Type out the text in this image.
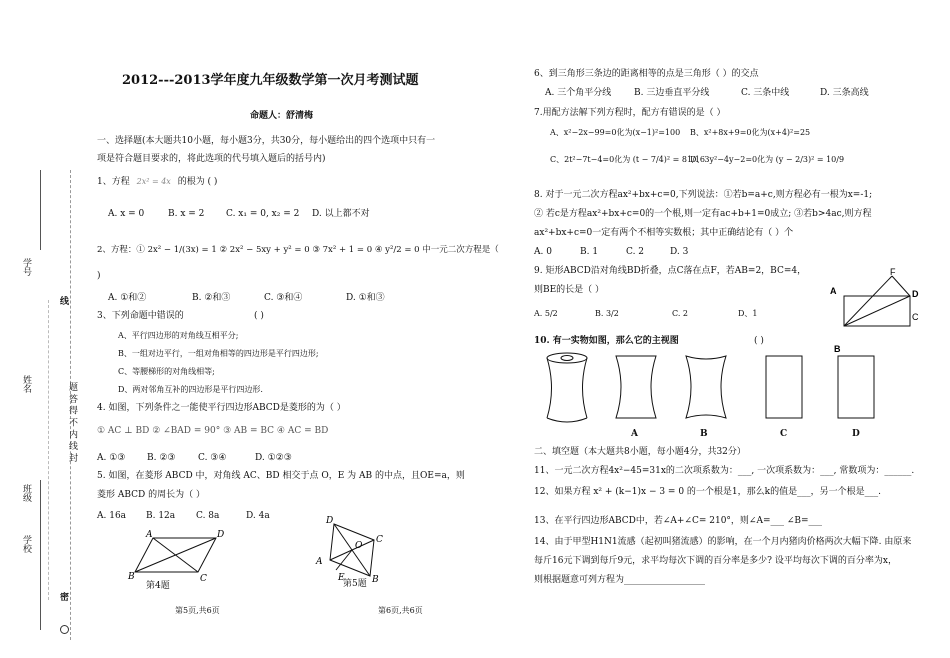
学号
线
姓名	题 答 得 不 内 线 封
班级
学校
密
2012---2013学年度九年级数学第一次月考测试题
命题人：舒清梅
一、选择题(本大题共10小题，每小题3分，共30分，每小题给出的四个选项中只有一
项是符合题目要求的，将此选项的代号填入题后的括号内)
1、方程 2x² = 4x 的根为 ( )
A. x = 0	B. x = 2 C. x₁ = 0, x₂ = 2 D. 以上都不对
2、方程：① 2x² − 1/(3x) = 1 ② 2x² − 5xy + y² = 0 ③ 7x² + 1 = 0 ④ y²/2 = 0 中一元二次方程是（
)
A. ①和②	B. ②和③	C. ③和④	D. ①和③
3、下列命题中错误的	( )
A、平行四边形的对角线互相平分;
B、一组对边平行，一组对角相等的四边形是平行四边形;
C、等腰梯形的对角线相等;
D、两对邻角互补的四边形是平行四边形.
4. 如图，下列条件之一能使平行四边形ABCD是菱形的为（ ）
① AC ⊥ BD ② ∠BAD = 90° ③ AB = BC ④ AC = BD
A. ①③ B. ②③	C. ③④	D. ①②③
5. 如图，在菱形 ABCD 中，对角线 AC、BD 相交于点 O，E 为 AB 的中点，且OE=a，则
菱形 ABCD 的周长为（ ）
A. 16a B. 12a C. 8a	D. 4a
A
B	C
D
第4题
D
C
O
A
E	B
第5题
第5页,共6页
6、到三角形三条边的距离相等的点是三角形（ ）的交点
A. 三个角平分线	B. 三边垂直平分线	C. 三条中线	D. 三条高线
7.用配方法解下列方程时，配方有错误的是（ ）
A、x²−2x−99=0化为(x−1)²=100 B、x²+8x+9=0化为(x+4)²=25
C、2t²−7t−4=0化为 (t − 7/4)² = 81/16
D、3y²−4y−2=0化为 (y − 2/3)² = 10/9
8. 对于一元二次方程ax²+bx+c=0,下列说法：①若b=a+c,则方程必有一根为x=-1;
② 若c是方程ax²+bx+c=0的一个根,则一定有ac+b+1=0成立; ③若b>4ac,则方程
ax²+bx+c=0一定有两个不相等实数根；其中正确结论有（ ）个
A. 0	B. 1	C. 2	D. 3
9. 矩形ABCD沿对角线BD折叠，点C落在点F，若AB=2，BC=4，
则BE的长是（ ）
A. 5/2	B. 3/2	C. 2	D、1
F
A	D
C
B
10. 有一实物如图，那么它的主视图	( )
A	B	C	D
二、填空题（本大题共8小题，每小题4分，共32分）
11、一元二次方程4x²−45=31x的二次项系数为：___, 一次项系数为：___, 常数项为：______.
12、如果方程 x² + (k−1)x − 3 = 0 的一个根是1，那么k的值是___，另一个根是___.
13、在平行四边形ABCD中，若∠A+∠C= 210°，则∠A=___ ∠B=___
14、由于甲型H1N1流感（起初叫猪流感）的影响，在一个月内猪肉价格两次大幅下降. 由原来
每斤16元下调到每斤9元，求平均每次下调的百分率是多少? 设平均每次下调的百分率为x，
则根据题意可列方程为__________________
第6页,共6页
